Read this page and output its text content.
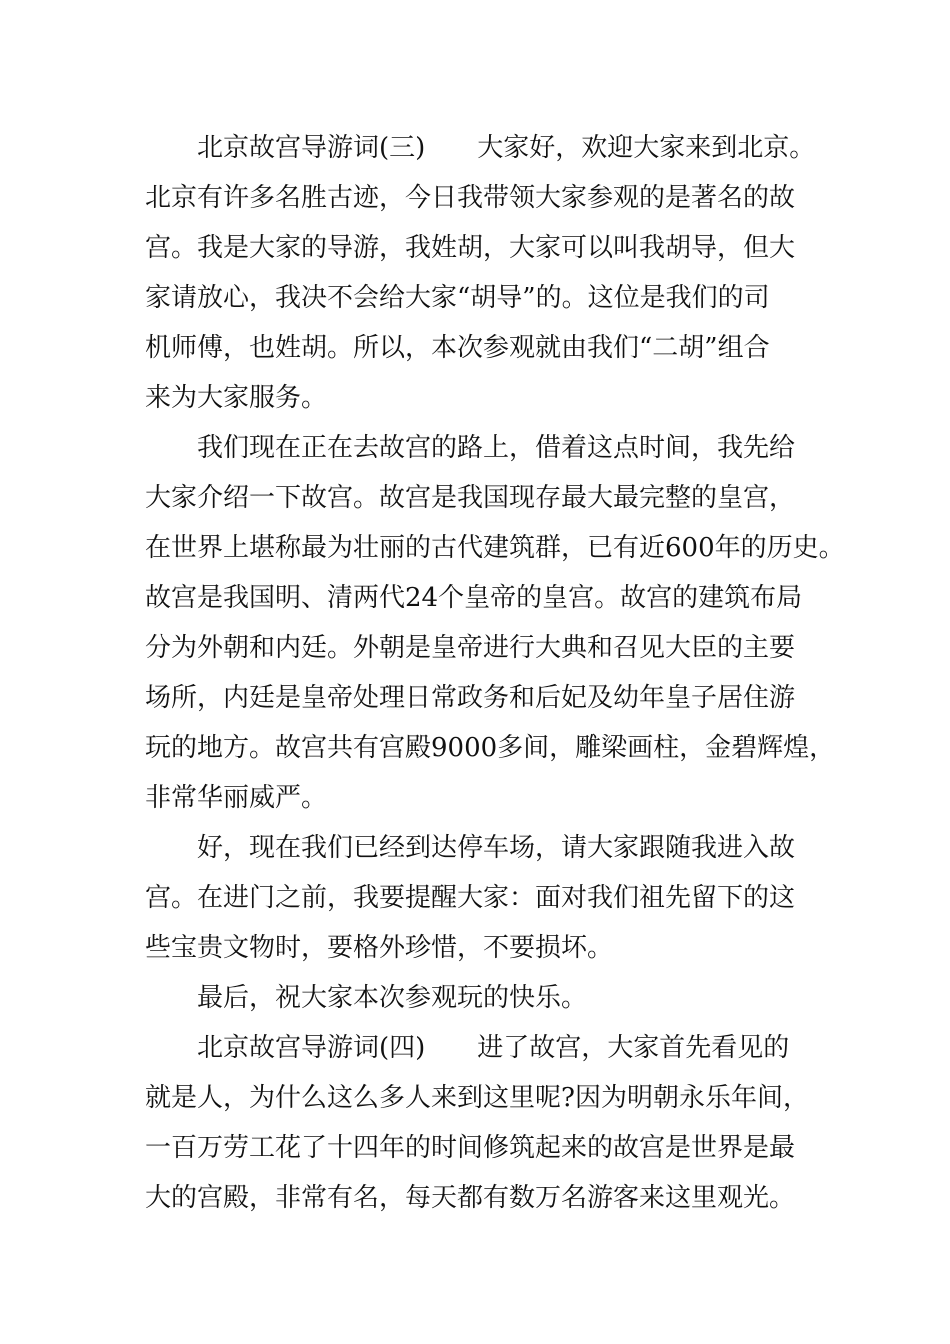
北京故宫导游词(三) 大家好，欢迎大家来到北京。

北京有许多名胜古迹，今日我带领大家参观的是著名的故

宫。我是大家的导游，我姓胡，大家可以叫我胡导，但大

家请放心，我决不会给大家“胡导”的。这位是我们的司

机师傅，也姓胡。所以，本次参观就由我们“二胡”组合

来为大家服务。

我们现在正在去故宫的路上，借着这点时间，我先给

大家介绍一下故宫。故宫是我国现存最大最完整的皇宫，

在世界上堪称最为壮丽的古代建筑群，已有近600年的历史。

故宫是我国明、清两代24个皇帝的皇宫。故宫的建筑布局

分为外朝和内廷。外朝是皇帝进行大典和召见大臣的主要

场所，内廷是皇帝处理日常政务和后妃及幼年皇子居住游

玩的地方。故宫共有宫殿9000多间，雕梁画柱，金碧辉煌，

非常华丽威严。

好，现在我们已经到达停车场，请大家跟随我进入故

宫。在进门之前，我要提醒大家：面对我们祖先留下的这

些宝贵文物时，要格外珍惜，不要损坏。

最后，祝大家本次参观玩的快乐。

北京故宫导游词(四) 进了故宫，大家首先看见的

就是人，为什么这么多人来到这里呢?因为明朝永乐年间，

一百万劳工花了十四年的时间修筑起来的故宫是世界是最

大的宫殿，非常有名，每天都有数万名游客来这里观光。
